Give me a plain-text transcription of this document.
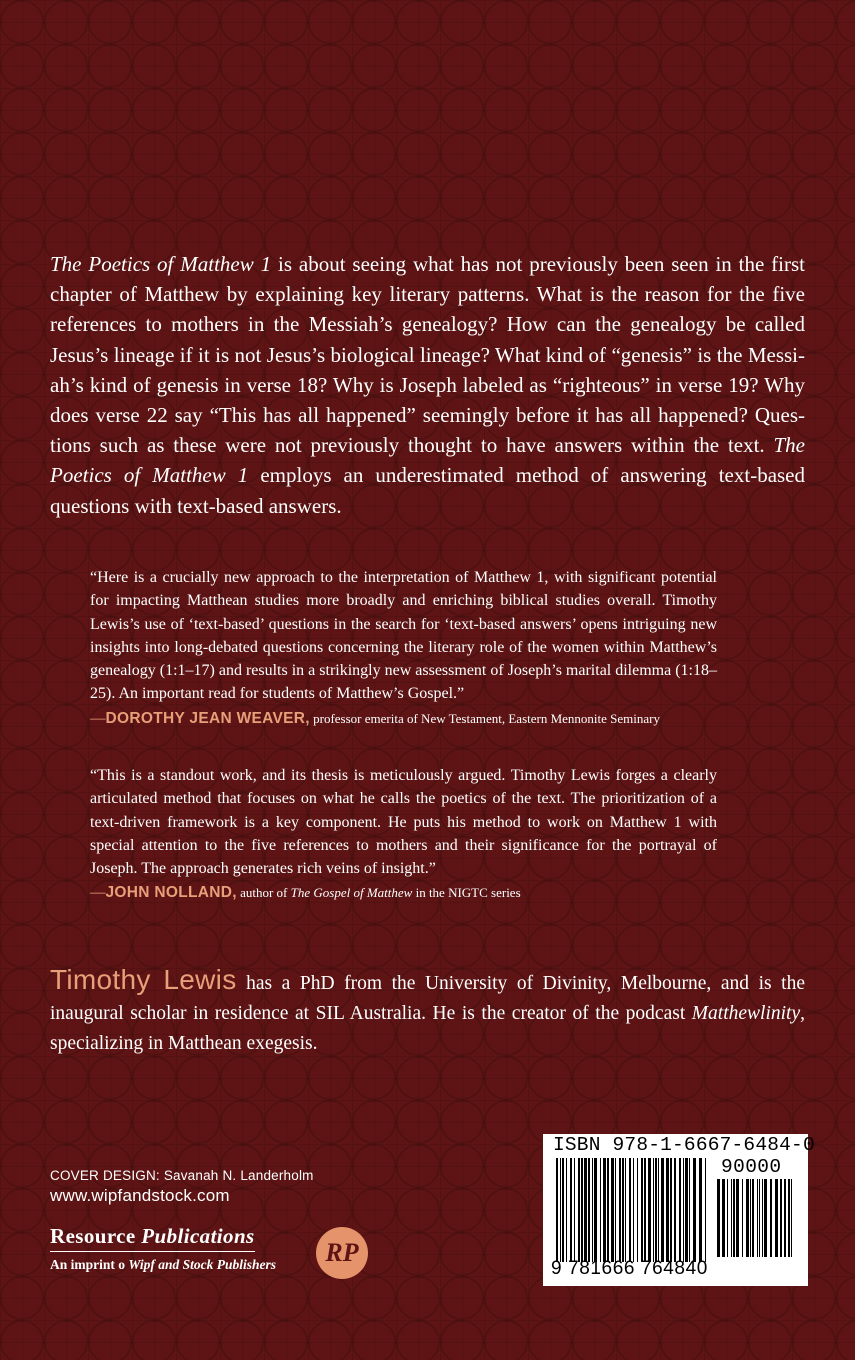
The Poetics of Matthew 1 is about seeing what has not previously been seen in the first chapter of Matthew by explaining key literary patterns. What is the reason for the five references to mothers in the Messiah’s genealogy? How can the genealogy be called Jesus’s lineage if it is not Jesus’s biological lineage? What kind of “genesis” is the Messiah’s kind of genesis in verse 18? Why is Joseph labeled as “righteous” in verse 19? Why does verse 22 say “This has all happened” seemingly before it has all happened? Questions such as these were not previously thought to have answers within the text. The Poetics of Matthew 1 employs an underestimated method of answering text-based questions with text-based answers.

“Here is a crucially new approach to the interpretation of Matthew 1, with significant potential for impacting Matthean studies more broadly and enriching biblical studies overall. Timothy Lewis’s use of ‘text-based’ questions in the search for ‘text-based answers’ opens intriguing new insights into long-debated questions concerning the literary role of the women within Matthew’s genealogy (1:1–17) and results in a strikingly new assessment of Joseph’s marital dilemma (1:18–25). An important read for students of Matthew’s Gospel.”

—DOROTHY JEAN WEAVER, professor emerita of New Testament, Eastern Mennonite Seminary

“This is a standout work, and its thesis is meticulously argued. Timothy Lewis forges a clearly articulated method that focuses on what he calls the poetics of the text. The prioritization of a text-driven framework is a key component. He puts his method to work on Matthew 1 with special attention to the five references to mothers and their significance for the portrayal of Joseph. The approach generates rich veins of insight.”

—JOHN NOLLAND, author of The Gospel of Matthew in the NIGTC series

Timothy Lewis has a PhD from the University of Divinity, Melbourne, and is the inaugural scholar in residence at SIL Australia. He is the creator of the podcast Matthewlinity, specializing in Matthean exegesis.

COVER DESIGN: Savanah N. Landerholm
www.wipfandstock.com
Resource Publications
An imprint o Wipf and Stock Publishers	RP
ISBN 978-1-6667-6484-0
90000
9 781666 764840
